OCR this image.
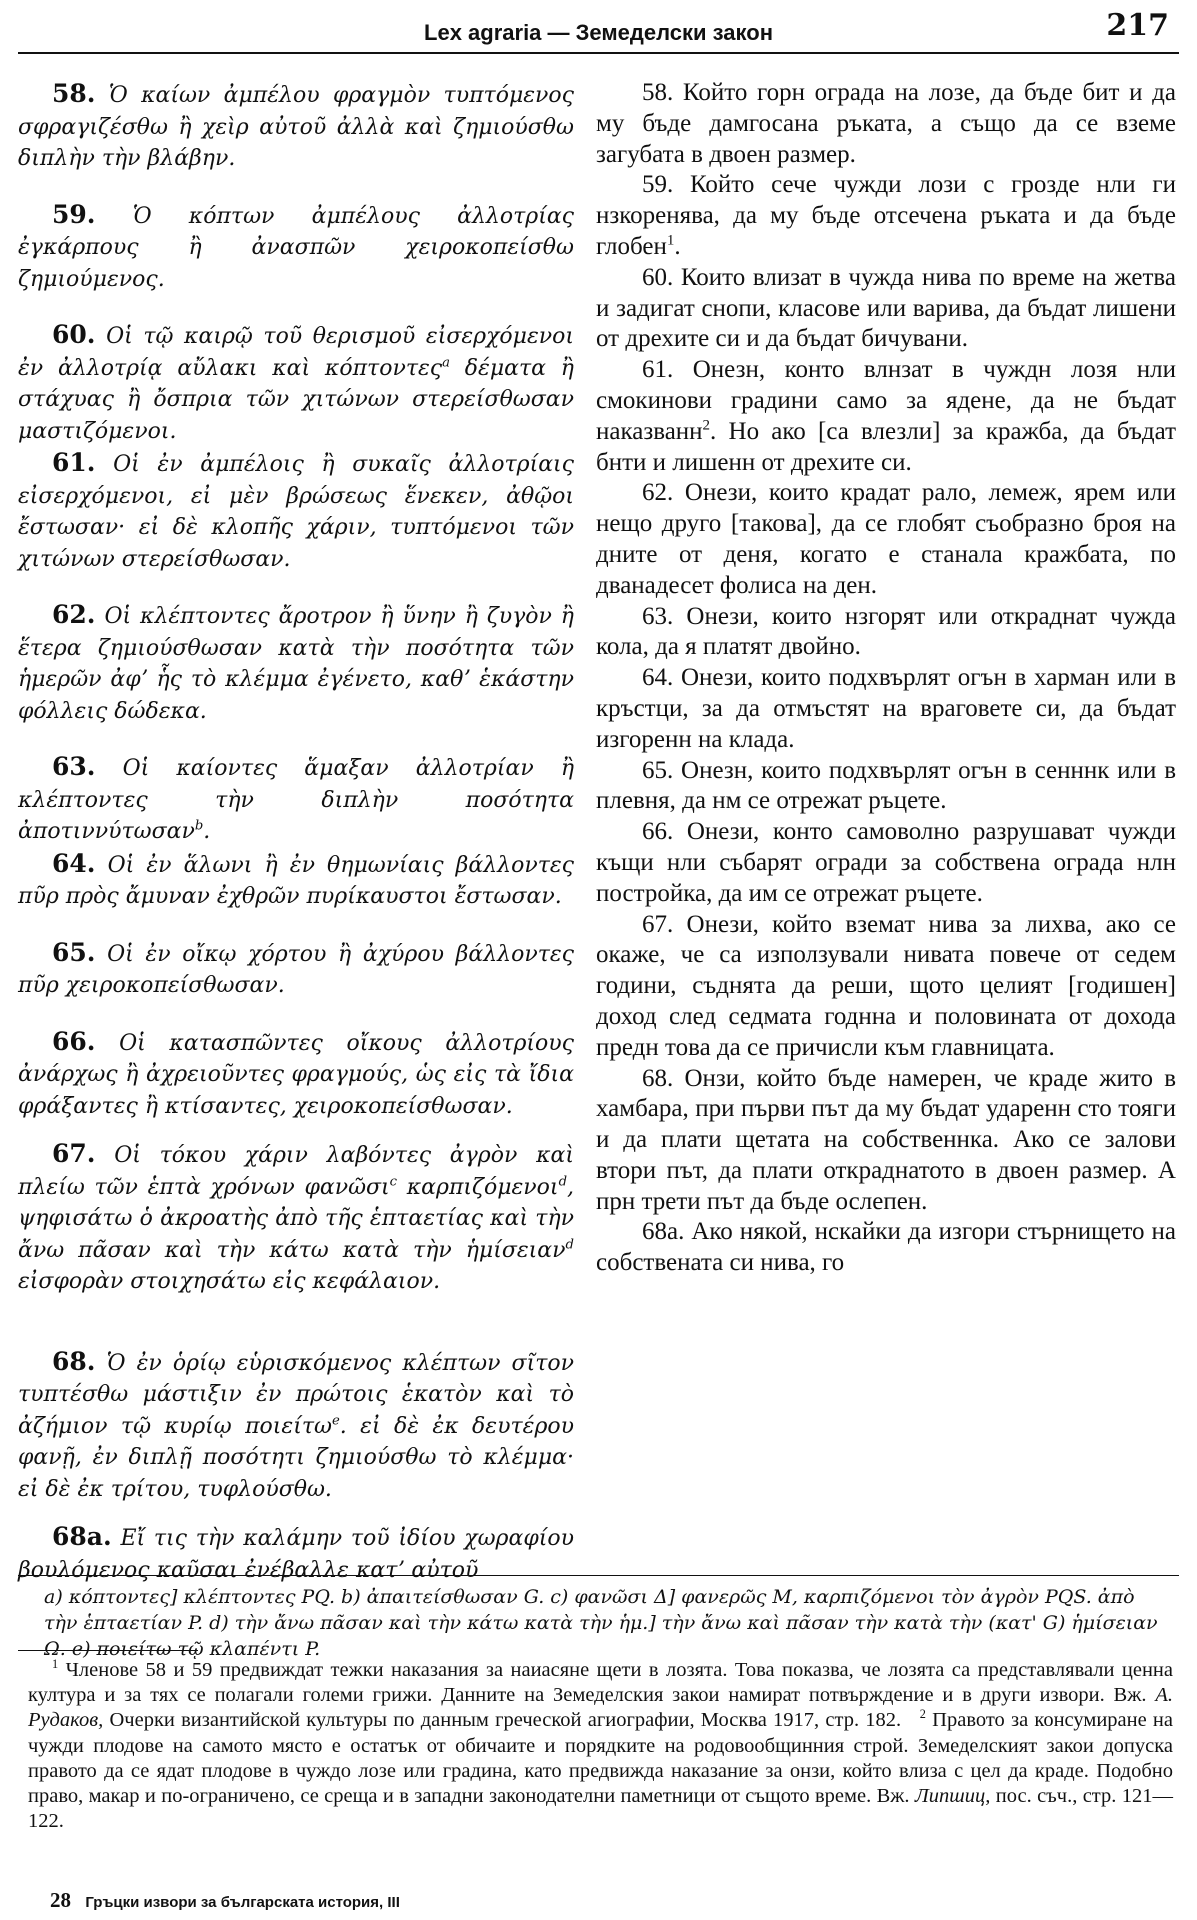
Lex agraria — Земеделски закон	217

58. Ὁ καίων ἀμπέλου φραγμὸν τυπτόμενος σφραγιζέσθω ἢ χεὶρ αὐτοῦ ἀλλὰ καὶ ζημιούσθω διπλὴν τὴν βλάβην.

59. Ὁ κόπτων ἀμπέλους ἀλλοτρίας ἐγκάρπους ἢ ἀνασπῶν χειροκοπείσθω ζημιούμενος.

60. Οἱ τῷ καιρῷ τοῦ θερισμοῦ εἰσερχόμενοι ἐν ἀλλοτρίᾳ αὔλακι καὶ κόπτοντες$^a$ δέματα ἢ στάχυας ἢ ὄσπρια τῶν χιτώνων στερείσθωσαν μαστιζόμενοι.

61. Οἱ ἐν ἀμπέλοις ἢ συκαῖς ἀλλοτρίαις εἰσερχόμενοι, εἰ μὲν βρώσεως ἕνεκεν, ἀθῷοι ἔστωσαν· εἰ δὲ κλοπῆς χάριν, τυπτόμενοι τῶν χιτώνων στερείσθωσαν.

62. Οἱ κλέπτοντες ἄροτρον ἢ ὕνην ἢ ζυγὸν ἢ ἕτερα ζημιούσθωσαν κατὰ τὴν ποσότητα τῶν ἡμερῶν ἀφʼ ἧς τὸ κλέμμα ἐγένετο, καθʼ ἑκάστην φόλλεις δώδεκα.

63. Οἱ καίοντες ἅμαξαν ἀλλοτρίαν ἢ κλέπτοντες τὴν διπλὴν ποσότητα ἀποτιννύτωσαν$^b$.

64. Οἱ ἐν ἅλωνι ἢ ἐν θημωνίαις βάλλοντες πῦρ πρὸς ἄμυναν ἐχθρῶν πυρίκαυστοι ἔστωσαν.

65. Οἱ ἐν οἴκῳ χόρτου ἢ ἀχύρου βάλλοντες πῦρ χειροκοπείσθωσαν.

66. Οἱ κατασπῶντες οἴκους ἀλλοτρίους ἀνάρχως ἢ ἀχρειοῦντες φραγμούς, ὡς εἰς τὰ ἴδια φράξαντες ἢ κτίσαντες, χειροκοπείσθωσαν.

67. Οἱ τόκου χάριν λαβόντες ἀγρὸν καὶ πλείω τῶν ἑπτὰ χρόνων φανῶσι$^c$ καρπιζόμενοι$^d$, ψηφισάτω ὁ ἀκροατὴς ἀπὸ τῆς ἑπταετίας καὶ τὴν ἄνω πᾶσαν καὶ τὴν κάτω κατὰ τὴν ἡμίσειαν$^d$ εἰσφορὰν στοιχησάτω εἰς κεφάλαιον.

68. Ὁ ἐν ὁρίῳ εὑρισκόμενος κλέπτων σῖτον τυπτέσθω μάστιξιν ἐν πρώτοις ἑκατὸν καὶ τὸ ἀζήμιον τῷ κυρίῳ ποιείτω$^e$. εἰ δὲ ἐκ δευτέρου φανῇ, ἐν διπλῇ ποσότητι ζημιούσθω τὸ κλέμμα· εἰ δὲ ἐκ τρίτου, τυφλούσθω.

68a. Εἴ τις τὴν καλάμην τοῦ ἰδίου χωραφίου βουλόμενος καῦσαι ἐνέβαλλε κατʼ αὐτοῦ

58. Който горн ограда на лозе, да бъде бит и да му бъде дамгосана ръката, а също да се вземе загубата в двоен размер.

59. Който сече чужди лози с грозде нли ги нзкоренява, да му бъде отсечена ръката и да бъде глобен$^1$.

60. Които влизат в чужда нива по време на жетва и задигат снопи, класове или варива, да бъдат лишени от дрехите си и да бъдат бичувани.

61. Онезн, конто влнзат в чуждн лозя нли смокинови градини само за ядене, да не бъдат наказванн$^2$. Но ако [са влезли] за кражба, да бъдат бнти и лишенн от дрехите си.

62. Онези, които крадат рало, лемеж, ярем или нещо друго [такова], да се глобят съобразно броя на дните от деня, когато е станала кражбата, по дванадесет фолиса на ден.

63. Онези, които нзгорят или откраднат чужда кола, да я платят двойно.

64. Онези, които подхвърлят огън в харман или в кръстци, за да отмъстят на враговете си, да бъдат изгоренн на клада.

65. Онезн, които подхвърлят огън в сенннк или в плевня, да нм се отрежат ръцете.

66. Онези, конто самоволно разрушават чужди къщи нли събарят огради за собствена ограда нлн постройка, да им се отрежат ръцете.

67. Онези, който вземат нива за лихва, ако се окаже, че са използували нивата повече от седем години, съднята да реши, щото целият [годишен] доход след седмата годнна и половината от дохода предн това да се причисли към главницата.

68. Онзи, който бъде намерен, че краде жито в хамбара, при първи път да му бъдат ударенн сто тояги и да плати щетата на собственнка. Ако се залови втори път, да плати откраднатото в двоен размер. А прн трети път да бъде ослепен.

68a. Ако някой, нскайки да изгори стърнището на собствената си нива, го

a) κόπτοντες] κλέπτοντες PQ. b) ἀπαιτείσθωσαν G. c) φανῶσι Δ] φανερῶς M, καρπιζόμενοι τὸν ἀγρὸν PQS. ἀπὸ τὴν ἑπταετίαν P. d) τὴν ἄνω πᾶσαν καὶ τὴν κάτω κατὰ τὴν ἡμ.] τὴν ἄνω καὶ πᾶσαν τὴν κατὰ τὴν (κατ' G) ἡμίσειαν Ω. e) ποιείτω τῷ κλαπέντι P.

$^1$ Членове 58 и 59 предвиждат тежки наказания за наиасяне щети в лозята. Това показва, че лозята са представлявали ценна култура и за тях се полагали големи грижи. Данните на Земеделския закои намират потвърждение и в други извори. Вж. А. Рудаков, Очерки византийской культуры по данным греческой агиографии, Москва 1917, стр. 182. $^2$ Правото за консумиране на чужди плодове на самото място е остатък от обичаите и порядките на родовообщинния строй. Земеделският закои допуска правото да се ядат плодове в чуждо лозе или градина, като предвижда наказание за онзи, който влиза с цел да краде. Подобно право, макар и по-ограничено, се среща и в западни законодателни паметници от същото време. Вж. Липшиц, пос. съч., стр. 121—122.

28 Гръцки извори за българската история, III
